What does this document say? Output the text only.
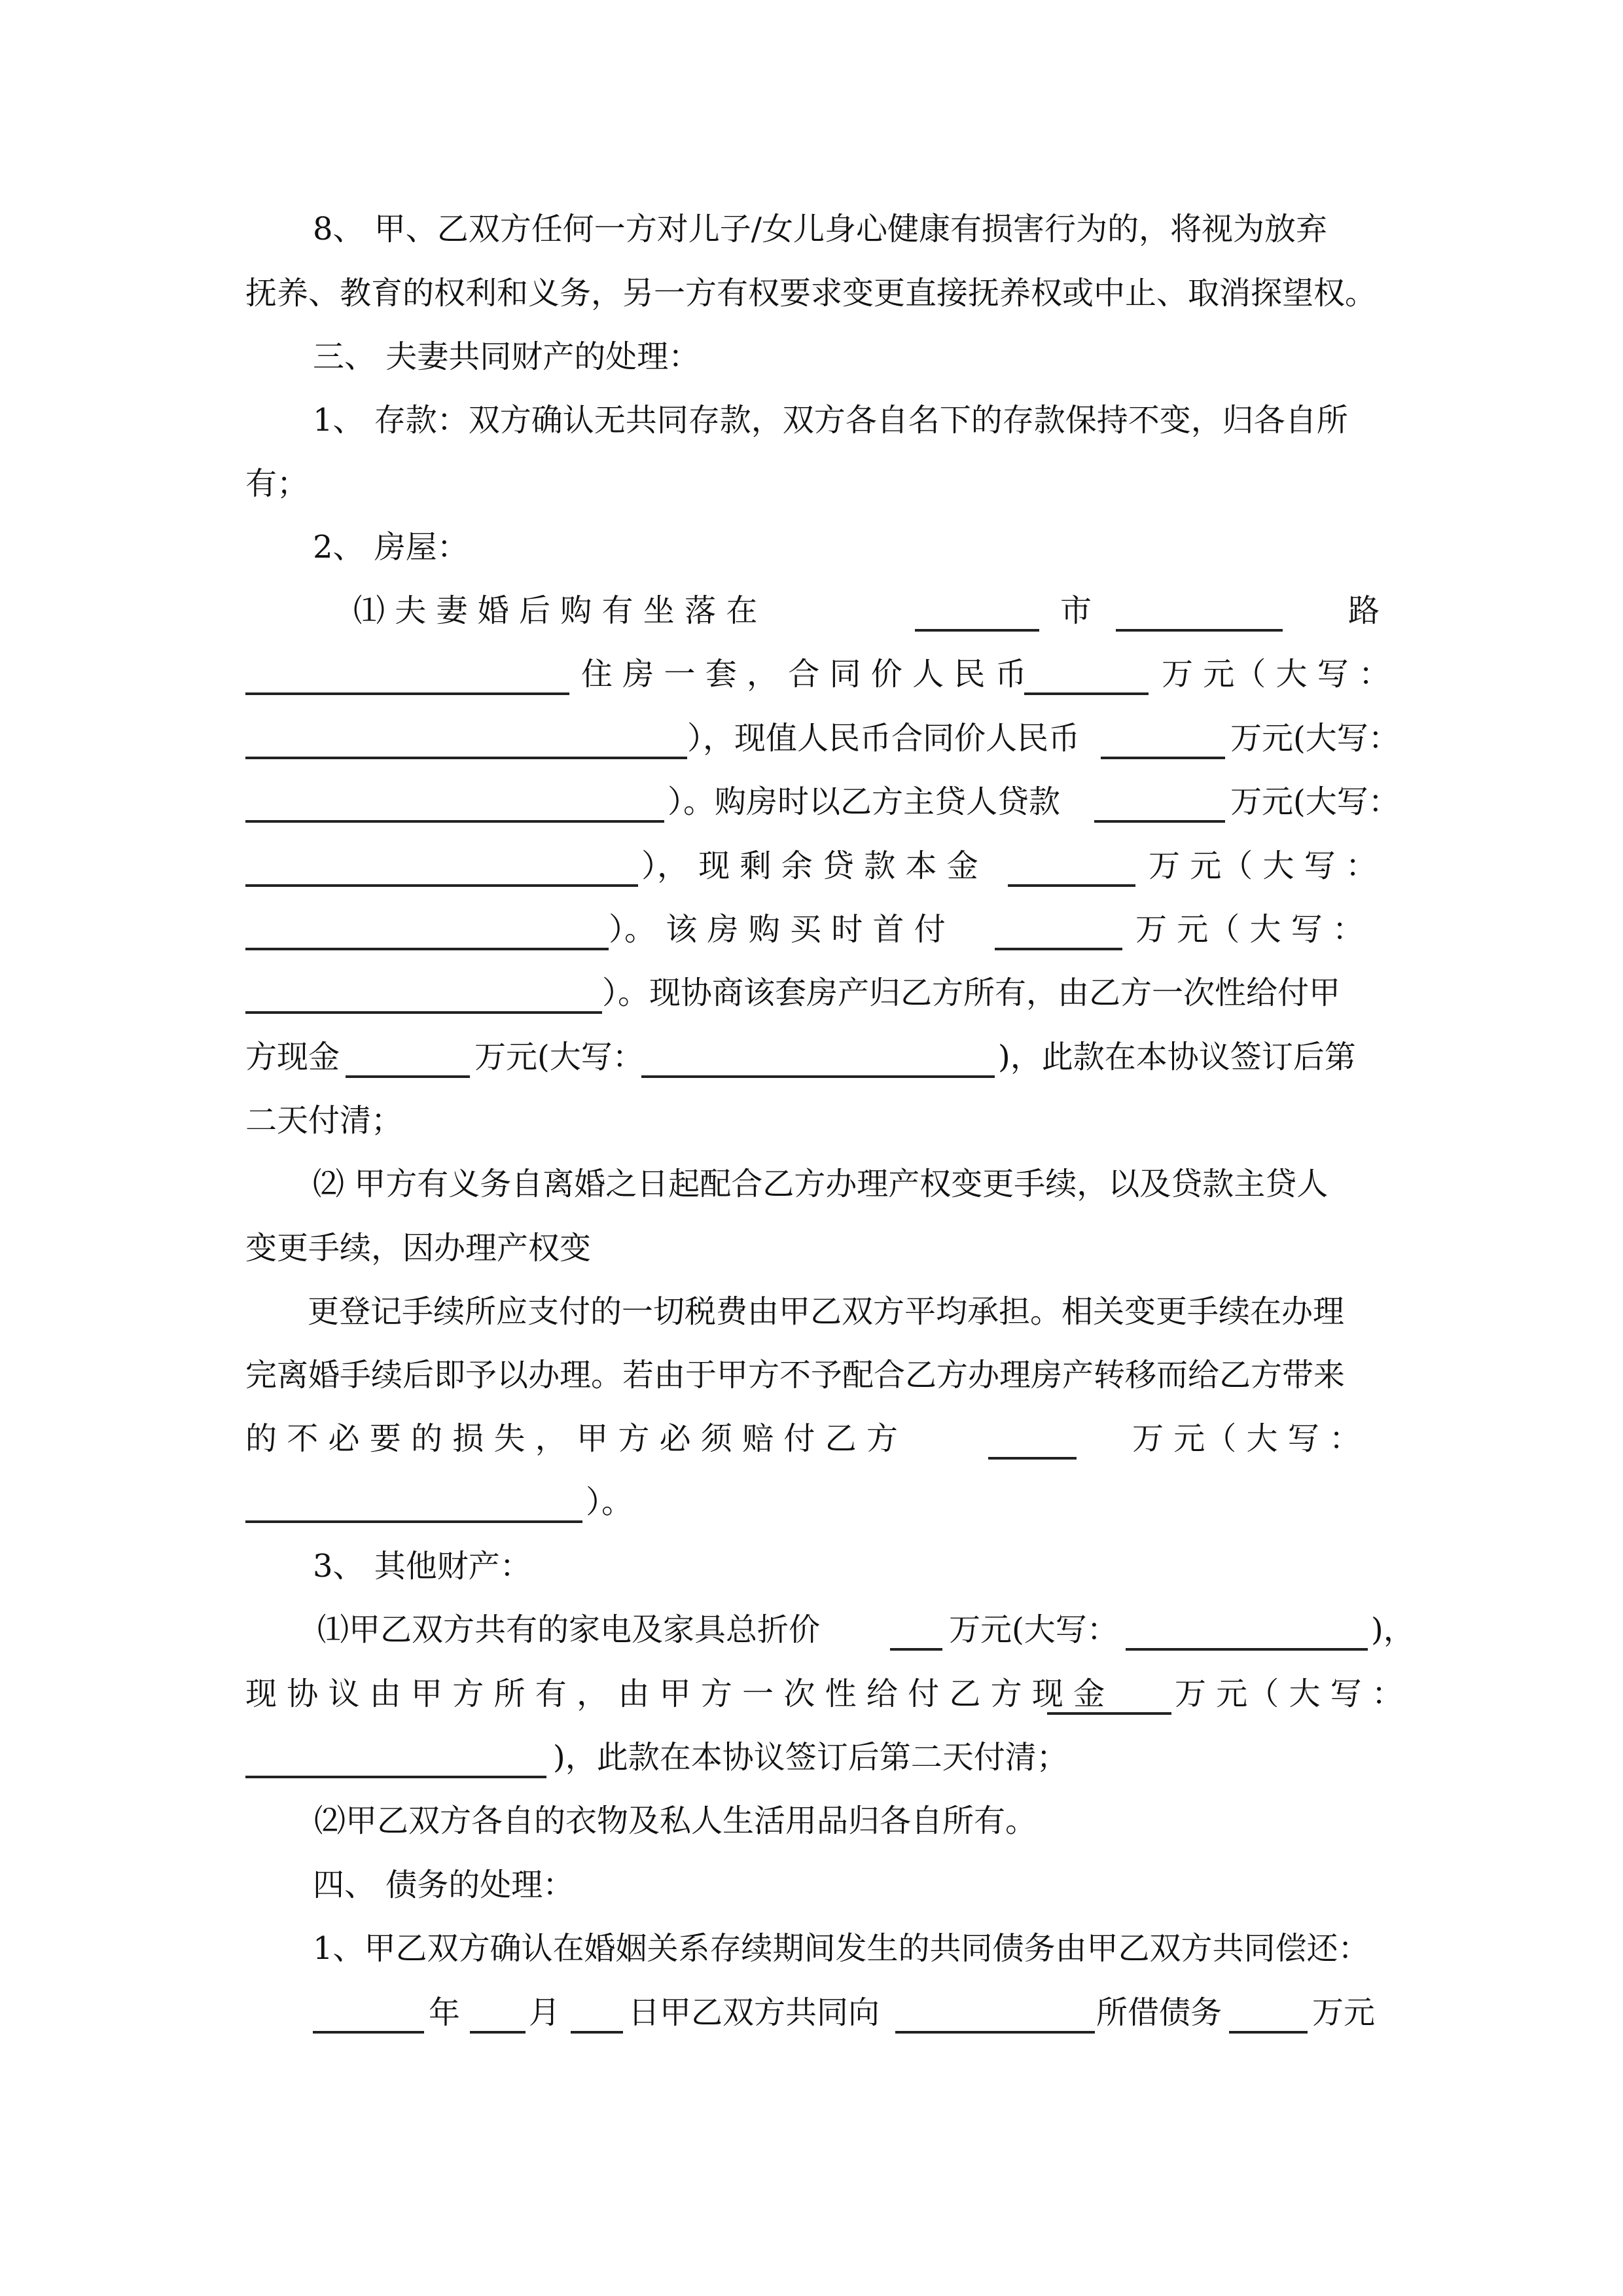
8、 甲、乙双方任何一方对儿子/女儿身心健康有损害行为的，将视为放弃
抚养、教育的权利和义务，另一方有权要求变更直接抚养权或中止、取消探望权。
三、 夫妻共同财产的处理：
1、 存款：双方确认无共同存款，双方各自名下的存款保持不变，归各自所
有；
2、 房屋：
⑴ 夫 妻 婚 后 购 有 坐 落 在	市	路
住 房 一 套 ， 合 同 价 人 民 币	万 元（ 大 写 ：
），现值人民币合同价人民币	万元(大写：
）。购房时以乙方主贷人贷款	万元(大写：
）， 现 剩 余 贷 款 本 金	万 元（ 大 写 ：
）。 该 房 购 买 时 首 付	万 元（ 大 写 ：
）。现协商该套房产归乙方所有，由乙方一次性给付甲
方现金	万元(大写：	)，此款在本协议签订后第
二天付清；
⑵ 甲方有义务自离婚之日起配合乙方办理产权变更手续，以及贷款主贷人
变更手续，因办理产权变
更登记手续所应支付的一切税费由甲乙双方平均承担。相关变更手续在办理
完离婚手续后即予以办理。若由于甲方不予配合乙方办理房产转移而给乙方带来
的 不 必 要 的 损 失 ， 甲 方 必 须 赔 付 乙 方	万 元（ 大 写 ：
）。
3、 其他财产：
⑴甲乙双方共有的家电及家具总折价	万元(大写：	)，
现 协 议 由 甲 方 所 有 ， 由 甲 方 一 次 性 给 付 乙 方 现 金 万 元（ 大 写 ：
)，此款在本协议签订后第二天付清；
⑵甲乙双方各自的衣物及私人生活用品归各自所有。
四、 债务的处理：
1、甲乙双方确认在婚姻关系存续期间发生的共同债务由甲乙双方共同偿还：
年 月 日甲乙双方共同向	所借债务	万元
